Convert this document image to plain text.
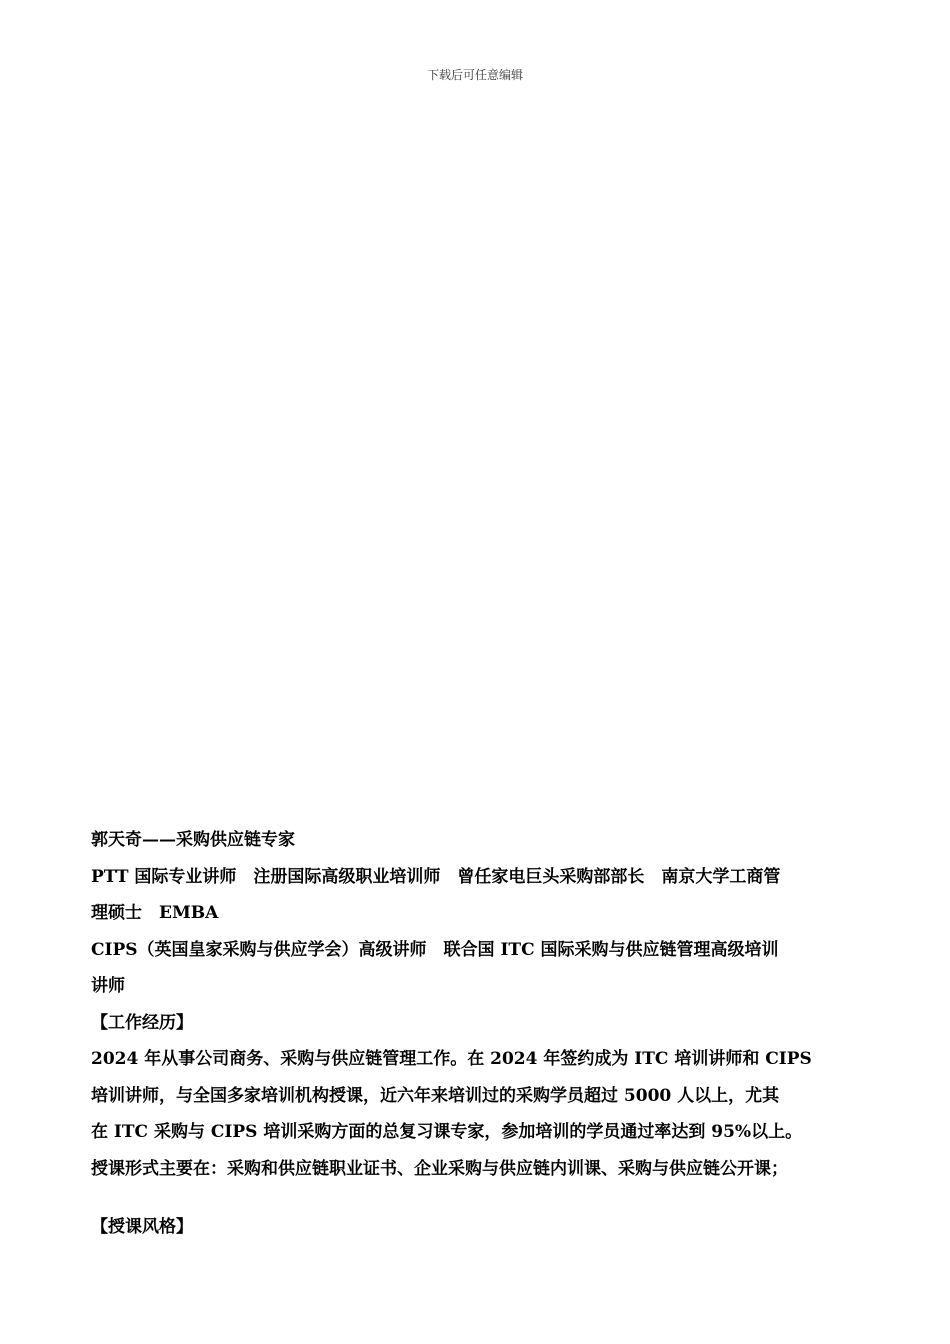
下载后可任意编辑

郭天奇——采购供应链专家

PTT 国际专业讲师　注册国际高级职业培训师　曾任家电巨头采购部部长　南京大学工商管

理硕士　EMBA

CIPS（英国皇家采购与供应学会）高级讲师　联合国 ITC 国际采购与供应链管理高级培训

讲师

【工作经历】

2024 年从事公司商务、采购与供应链管理工作。在 2024 年签约成为 ITC 培训讲师和 CIPS

培训讲师，与全国多家培训机构授课，近六年来培训过的采购学员超过 5000 人以上，尤其

在 ITC 采购与 CIPS 培训采购方面的总复习课专家，参加培训的学员通过率达到 95%以上。

授课形式主要在：采购和供应链职业证书、企业采购与供应链内训课、采购与供应链公开课；

【授课风格】
